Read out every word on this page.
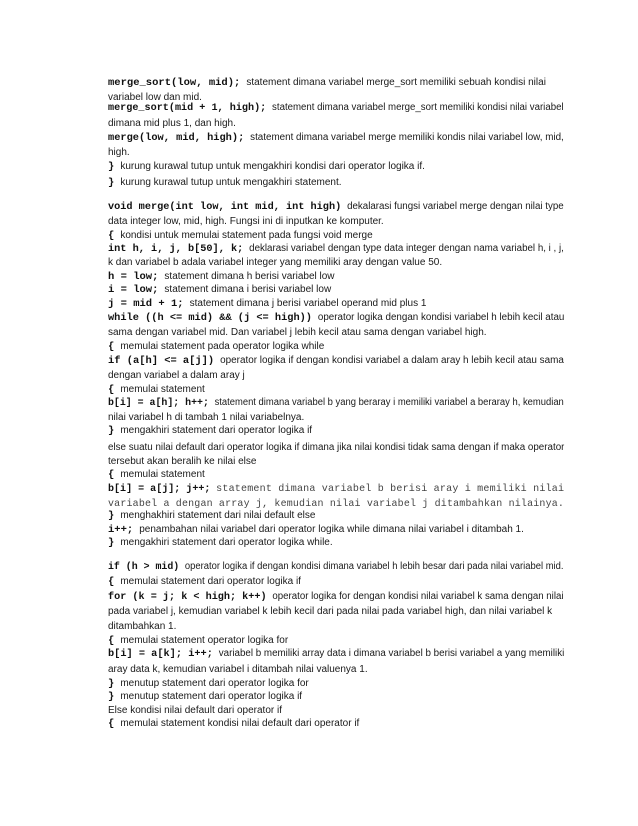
merge_sort(low, mid); statement dimana variabel merge_sort memiliki sebuah kondisi nilai
variabel low dan mid.
merge_sort(mid + 1, high); statement dimana variabel merge_sort memiliki kondisi nilai variabel
dimana mid plus 1, dan high.
merge(low, mid, high); statement dimana variabel merge memiliki kondis nilai variabel low, mid,
high.
} kurung kurawal tutup untuk mengakhiri kondisi dari operator logika if.
} kurung kurawal tutup untuk mengakhiri statement.
void merge(int low, int mid, int high) dekalarasi fungsi variabel merge dengan nilai type
data integer low, mid, high. Fungsi ini di inputkan ke komputer.
{ kondisi untuk memulai statement pada fungsi void merge
int h, i, j, b[50], k; deklarasi variabel dengan type data integer dengan nama variabel h, i , j,
k dan variabel b adala variabel integer yang memiliki aray dengan value 50.
h = low; statement dimana h berisi variabel low
i = low; statement dimana i berisi variabel low
j = mid + 1; statement dimana j berisi variabel operand mid plus 1
while ((h <= mid) && (j <= high)) operator logika dengan kondisi variabel h lebih kecil atau
sama dengan variabel mid. Dan variabel j lebih kecil atau sama dengan variabel high.
{ memulai statement pada operator logika while
if (a[h] <= a[j]) operator logika if dengan kondisi variabel a dalam aray h lebih kecil atau sama
dengan variabel a dalam aray j
{ memulai statement
b[i] = a[h]; h++; statement dimana variabel b yang beraray i memiliki variabel a beraray h, kemudian
nilai variabel h di tambah 1 nilai variabelnya.
} mengakhiri statement dari operator logika if
else suatu nilai default dari operator logika if dimana jika nilai kondisi tidak sama dengan if maka operator
tersebut akan beralih ke nilai else
{ memulai statement
b[i] = a[j]; j++; statement dimana variabel b berisi aray i memiliki nilai
variabel a dengan array j, kemudian nilai variabel j ditambahkan nilainya.
} menghakhiri statement dari nilai default else
i++; penambahan nilai variabel dari operator logika while dimana nilai variabel i ditambah 1.
} mengakhiri statement dari operator logika while.
if (h > mid) operator logika if dengan kondisi dimana variabel h lebih besar dari pada nilai variabel mid.
{ memulai statement dari operator logika if
for (k = j; k < high; k++) operator logika for dengan kondisi nilai variabel k sama dengan nilai
pada variabel j, kemudian variabel k lebih kecil dari pada nilai pada variabel high, dan nilai variabel k
ditambahkan 1.
{ memulai statement operator logika for
b[i] = a[k]; i++; variabel b memiliki array data i dimana variabel b berisi variabel a yang memiliki
aray data k, kemudian variabel i ditambah nilai valuenya 1.
} menutup statement dari operator logika for
} menutup statement dari operator logika if
Else kondisi nilai default dari operator if
{ memulai statement kondisi nilai default dari operator if
